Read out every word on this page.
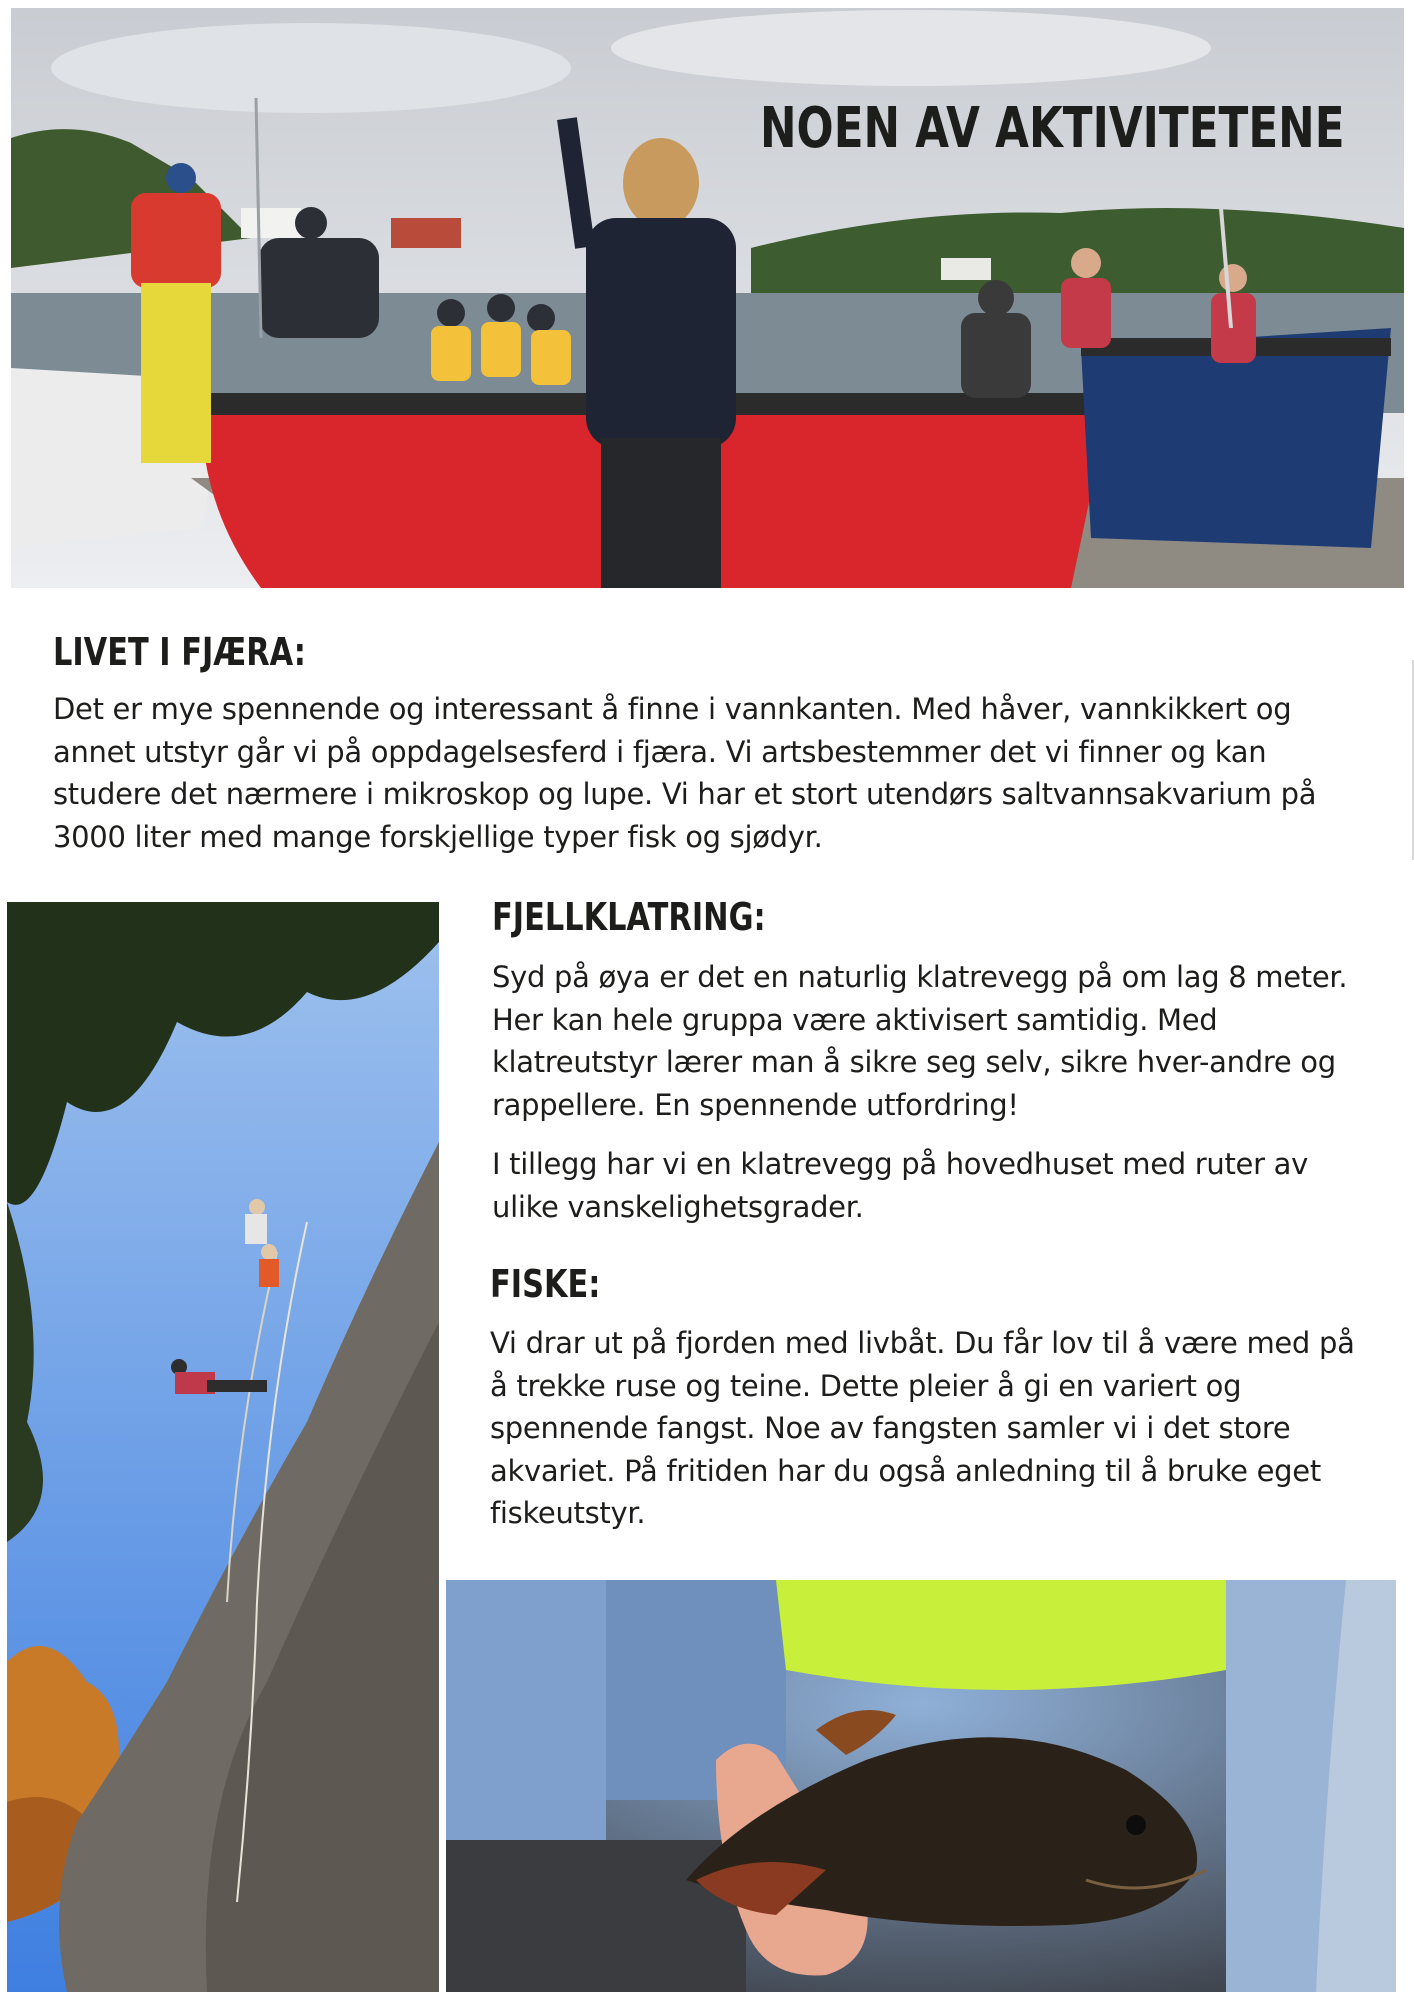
NOEN AV AKTIVITETENE
LIVET I FJÆRA:

Det er mye spennende og interessant å finne i vannkanten. Med håver, vannkikkert og annet utstyr går vi på oppdagelsesferd i fjæra. Vi artsbestemmer det vi finner og kan studere det nærmere i mikroskop og lupe. Vi har et stort utendørs saltvannsakvarium på 3000 liter med mange forskjellige typer fisk og sjødyr.

FJELLKLATRING:

Syd på øya er det en naturlig klatrevegg på om lag 8 meter. Her kan hele gruppa være aktivisert samtidig. Med klatreutstyr lærer man å sikre seg selv, sikre hver-andre og rappellere. En spennende utfordring!

I tillegg har vi en klatrevegg på hovedhuset med ruter av ulike vanskelighetsgrader.

FISKE:

Vi drar ut på fjorden med livbåt. Du får lov til å være med på å trekke ruse og teine. Dette pleier å gi en variert og spennende fangst. Noe av fangsten samler vi i det store akvariet. På fritiden har du også anledning til å bruke eget fiskeutstyr.
